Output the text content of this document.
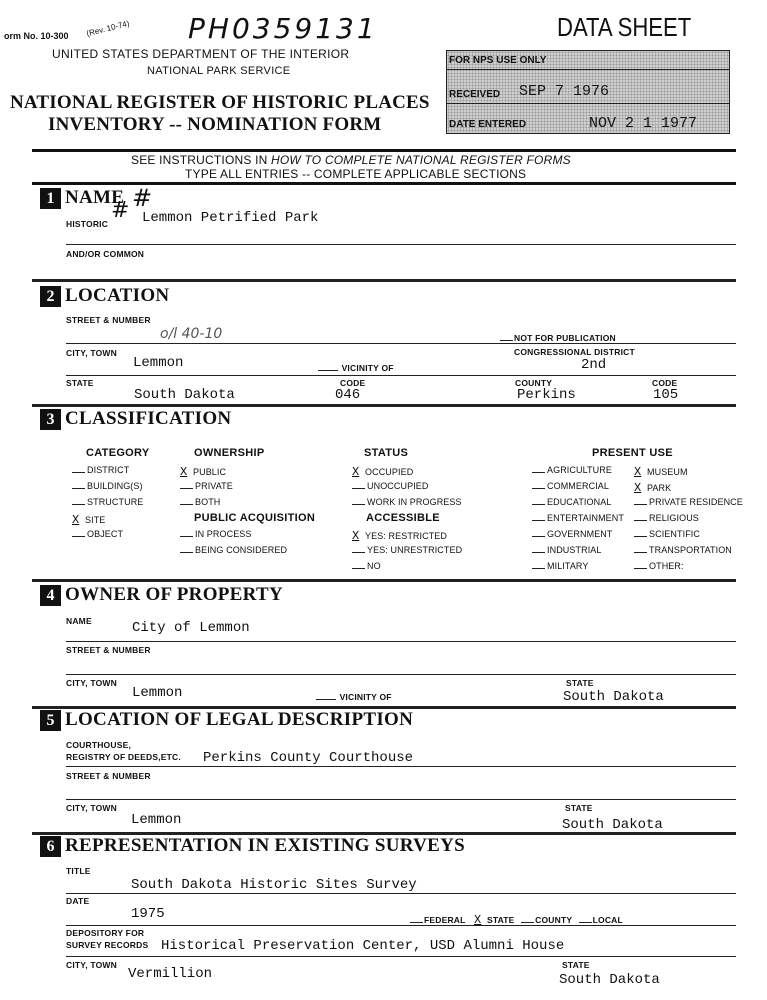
orm No. 10-300 (Rev. 10-74) PH0359131
UNITED STATES DEPARTMENT OF THE INTERIOR
NATIONAL PARK SERVICE
NATIONAL REGISTER OF HISTORIC PLACES
INVENTORY -- NOMINATION FORM
DATA SHEET
FOR NPS USE ONLY
RECEIVED SEP 7 1976
DATE ENTERED	NOV 2 1 1977
SEE INSTRUCTIONS IN HOW TO COMPLETE NATIONAL REGISTER FORMS
TYPE ALL ENTRIES -- COMPLETE APPLICABLE SECTIONS
1 NAME #
#
HISTORIC Lemmon Petrified Park
AND/OR COMMON
2 LOCATION
STREET & NUMBER
o/l 40-10	NOT FOR PUBLICATION
CITY, TOWN
Lemmon	VICINITY OF
CONGRESSIONAL DISTRICT
2nd
STATE
South Dakota
CODE
046
COUNTY
Perkins
CODE
105
3 CLASSIFICATION
CATEGORY	OWNERSHIP
PUBLIC ACQUISITION
STATUS
ACCESSIBLE
PRESENT USE
DISTRICT
BUILDING(S)
STRUCTURE
X SITE
OBJECT
X PUBLIC
PRIVATE
BOTH
IN PROCESS
BEING CONSIDERED
X OCCUPIED
UNOCCUPIED
WORK IN PROGRESS
X YES: RESTRICTED
YES: UNRESTRICTED
NO
AGRICULTURE
COMMERCIAL
EDUCATIONAL
ENTERTAINMENT
GOVERNMENT
INDUSTRIAL
MILITARY
X MUSEUM
X PARK
PRIVATE RESIDENCE
RELIGIOUS
SCIENTIFIC
TRANSPORTATION
OTHER:
4 OWNER OF PROPERTY
NAME	City of Lemmon
STREET & NUMBER
CITY, TOWN
Lemmon	VICINITY OF
STATE
South Dakota
5 LOCATION OF LEGAL DESCRIPTION
COURTHOUSE,
REGISTRY OF DEEDS,ETC. Perkins County Courthouse
STREET & NUMBER
CITY, TOWN
Lemmon
STATE
South Dakota
6 REPRESENTATION IN EXISTING SURVEYS
TITLE
South Dakota Historic Sites Survey
DATE
1975	FEDERAL X STATE COUNTY LOCAL
DEPOSITORY FOR
SURVEY RECORDS Historical Preservation Center, USD Alumni House
CITY, TOWN
Vermillion
STATE
South Dakota
